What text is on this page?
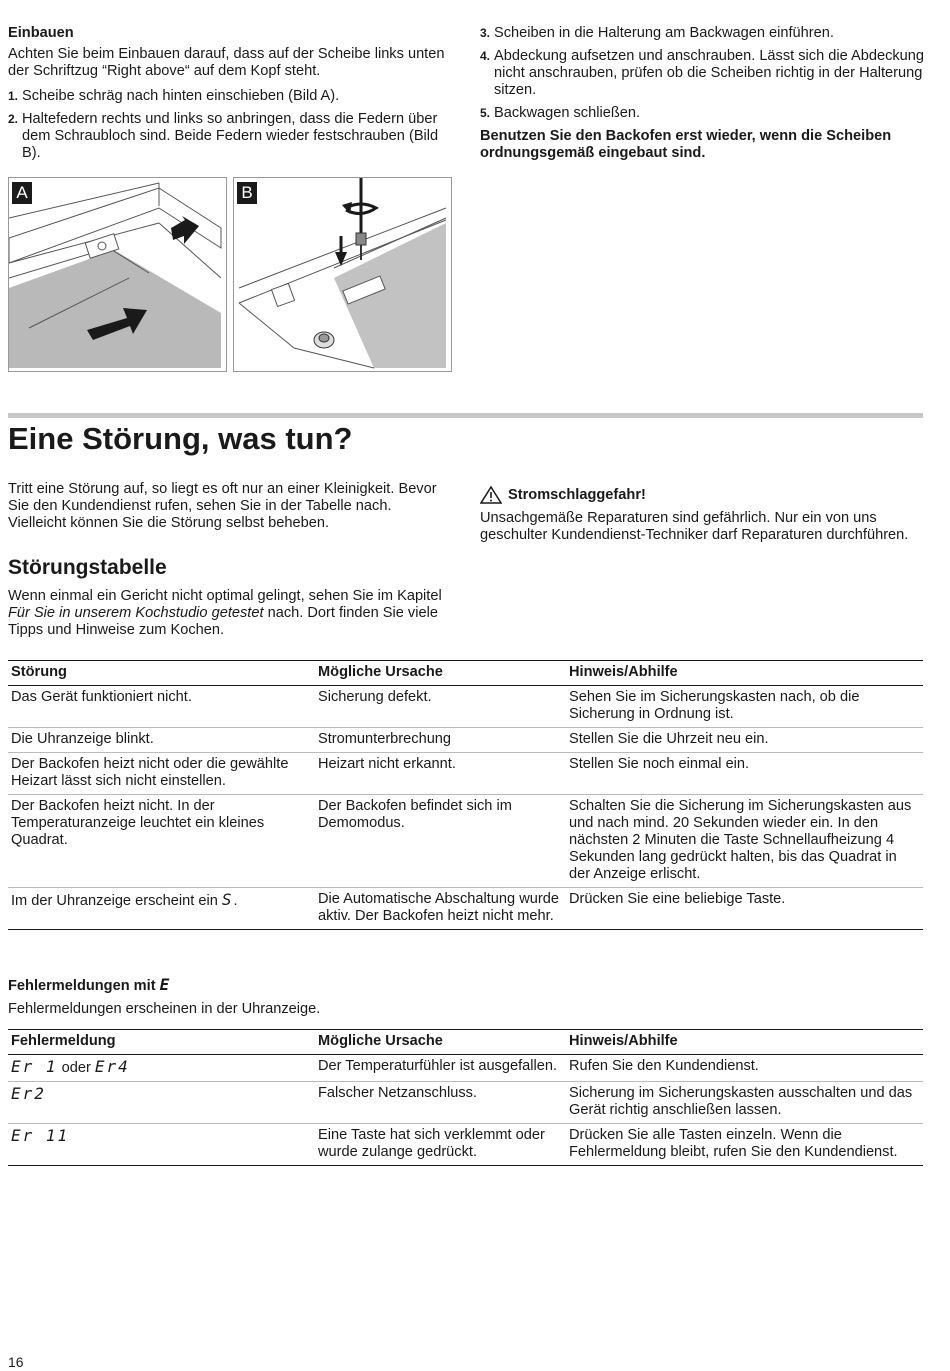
Einbauen

Achten Sie beim Einbauen darauf, dass auf der Scheibe links unten der Schriftzug “Right above“ auf dem Kopf steht.

1. Scheibe schräg nach hinten einschieben (Bild A).
2. Haltefedern rechts und links so anbringen, dass die Federn über dem Schraubloch sind. Beide Federn wieder festschrauben (Bild B).
3. Scheiben in die Halterung am Backwagen einführen.
4. Abdeckung aufsetzen und anschrauben. Lässt sich die Abdeckung nicht anschrauben, prüfen ob die Scheiben richtig in der Halterung sitzen.
5. Backwagen schließen.

Benutzen Sie den Backofen erst wieder, wenn die Scheiben ordnungsgemäß eingebaut sind.

A	B
Eine Störung, was tun?

Tritt eine Störung auf, so liegt es oft nur an einer Kleinigkeit. Bevor Sie den Kundendienst rufen, sehen Sie in der Tabelle nach. Vielleicht können Sie die Störung selbst beheben.

Stromschlaggefahr!

Unsachgemäße Reparaturen sind gefährlich. Nur ein von uns geschulter Kundendienst-Techniker darf Reparaturen durchführen.

Störungstabelle

Wenn einmal ein Gericht nicht optimal gelingt, sehen Sie im Kapitel Für Sie in unserem Kochstudio getestet nach. Dort finden Sie viele Tipps und Hinweise zum Kochen.

Störung	Mögliche Ursache	Hinweis/Abhilfe
Das Gerät funktioniert nicht.	Sicherung defekt.	Sehen Sie im Sicherungskasten nach, ob die Sicherung in Ordnung ist.
Die Uhranzeige blinkt.	Stromunterbrechung	Stellen Sie die Uhrzeit neu ein.
Der Backofen heizt nicht oder die gewählte Heizart lässt sich nicht einstellen.	Heizart nicht erkannt.	Stellen Sie noch einmal ein.
Der Backofen heizt nicht. In der Temperaturanzeige leuchtet ein kleines Quadrat.	Der Backofen befindet sich im Demomodus.	Schalten Sie die Sicherung im Sicherungskasten aus und nach mind. 20 Sekunden wieder ein. In den nächsten 2 Minuten die Taste Schnellaufheizung 4 Sekunden lang gedrückt halten, bis das Quadrat in der Anzeige erlischt.
Im der Uhranzeige erscheint ein S.	Die Automatische Abschaltung wurde aktiv. Der Backofen heizt nicht mehr.	Drücken Sie eine beliebige Taste.
Fehlermeldungen mit E

Fehlermeldungen erscheinen in der Uhranzeige.

Fehlermeldung	Mögliche Ursache	Hinweis/Abhilfe
Er 1 oder Er4	Der Temperaturfühler ist ausgefallen.	Rufen Sie den Kundendienst.
Er2	Falscher Netzanschluss.	Sicherung im Sicherungskasten ausschalten und das Gerät richtig anschließen lassen.
Er 11	Eine Taste hat sich verklemmt oder wurde zulange gedrückt.	Drücken Sie alle Tasten einzeln. Wenn die Fehlermeldung bleibt, rufen Sie den Kundendienst.
16
